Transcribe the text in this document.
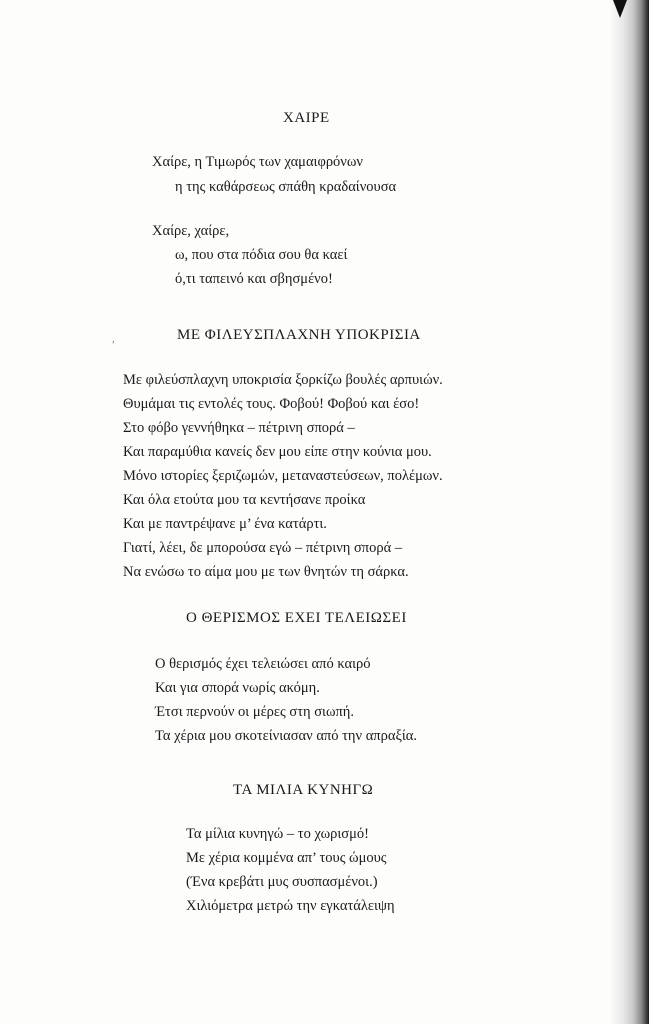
ΧΑΙΡΕ
Χαίρε, η Τιμωρός των χαμαιφρόνων
η της καθάρσεως σπάθη κραδαίνουσα
Χαίρε, χαίρε,
ω, που στα πόδια σου θα καεί
ό,τι ταπεινό και σβησμένο!
ΜΕ ΦΙΛΕΥΣΠΛΑΧΝΗ ΥΠΟΚΡΙΣΙΑ
Με φιλεύσπλαχνη υποκρισία ξορκίζω βουλές αρπυιών.
Θυμάμαι τις εντολές τους. Φοβού! Φοβού και έσο!
Στο φόβο γεννήθηκα – πέτρινη σπορά –
Και παραμύθια κανείς δεν μου είπε στην κούνια μου.
Μόνο ιστορίες ξεριζωμών, μεταναστεύσεων, πολέμων.
Και όλα ετούτα μου τα κεντήσανε προίκα
Και με παντρέψανε μ’ ένα κατάρτι.
Γιατί, λέει, δε μπορούσα εγώ – πέτρινη σπορά –
Να ενώσω το αίμα μου με των θνητών τη σάρκα.
Ο ΘΕΡΙΣΜΟΣ ΕΧΕΙ ΤΕΛΕΙΩΣΕΙ
Ο θερισμός έχει τελειώσει από καιρό
Και για σπορά νωρίς ακόμη.
Έτσι περνούν οι μέρες στη σιωπή.
Τα χέρια μου σκοτείνιασαν από την απραξία.
ΤΑ ΜΙΛΙΑ ΚΥΝΗΓΩ
Τα μίλια κυνηγώ – το χωρισμό!
Με χέρια κομμένα απ’ τους ώμους
(Ένα κρεβάτι μυς συσπασμένοι.)
Χιλιόμετρα μετρώ την εγκατάλειψη
,
